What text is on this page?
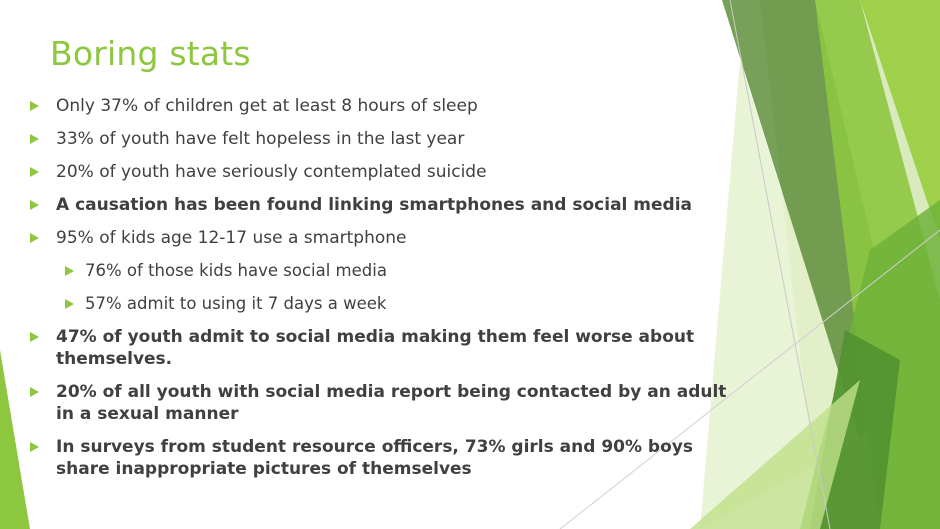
Boring stats
Only 37% of children get at least 8 hours of sleep
33% of youth have felt hopeless in the last year
20% of youth have seriously contemplated suicide
A causation has been found linking smartphones and social media
95% of kids age 12-17 use a smartphone
76% of those kids have social media
57% admit to using it 7 days a week
47% of youth admit to social media making them feel worse about themselves.
20% of all youth with social media report being contacted by an adult in a sexual manner
In surveys from student resource officers, 73% girls and 90% boys share inappropriate pictures of themselves
